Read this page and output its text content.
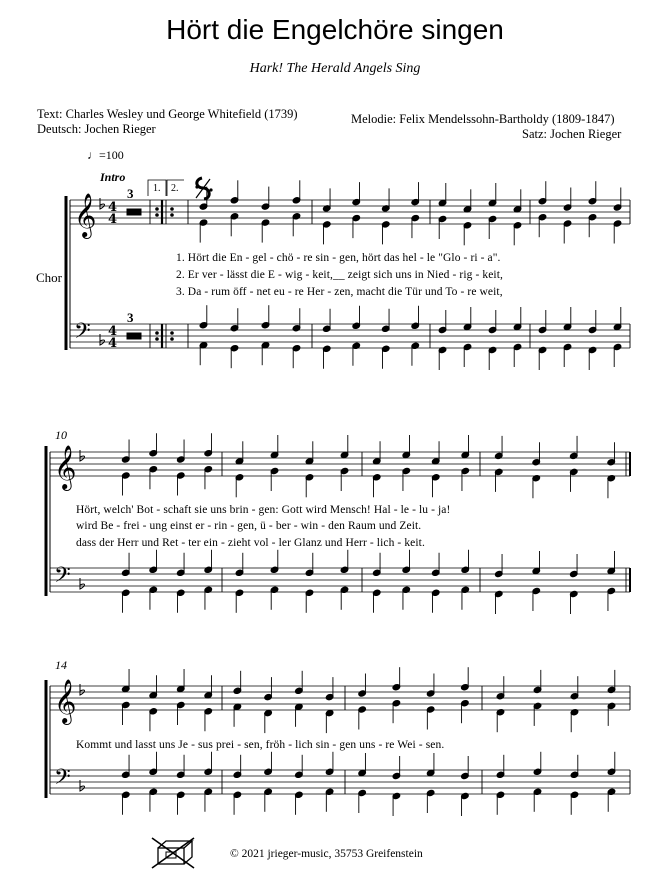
Hört die Engelchöre singen
Hark! The Herald Angels Sing
Text: Charles Wesley und George Whitefield (1739)
Deutsch: Jochen Rieger
Melodie: Felix Mendelssohn-Bartholdy (1809-1847)
Satz: Jochen Rieger
♩=100
Intro
Chor
10
14
3
3
1. 2.
1. Hört die En - gel - chö - re sin - gen, hört das hel - le "Glo - ri - a".
2. Er ver - lässt die E - wig - keit,__ zeigt sich uns in Nied - rig - keit,
3. Da - rum öff - net eu - re Her - zen, macht die Tür und To - re weit,
Hört, welch' Bot - schaft sie uns brin - gen: Gott wird Mensch! Hal - le - lu - ja!
wird Be - frei - ung einst er - rin - gen, ü - ber - win - den Raum und Zeit.
dass der Herr und Ret - ter ein - zieht vol - ler Glanz und Herr - lich - keit.
Kommt und lasst uns Je - sus prei - sen, fröh - lich sin - gen uns - re Wei - sen.
© 2021 jrieger-music, 35753 Greifenstein
𝄞
𝄢
𝄞
𝄢
𝄞
𝄢
4
4
4
4
